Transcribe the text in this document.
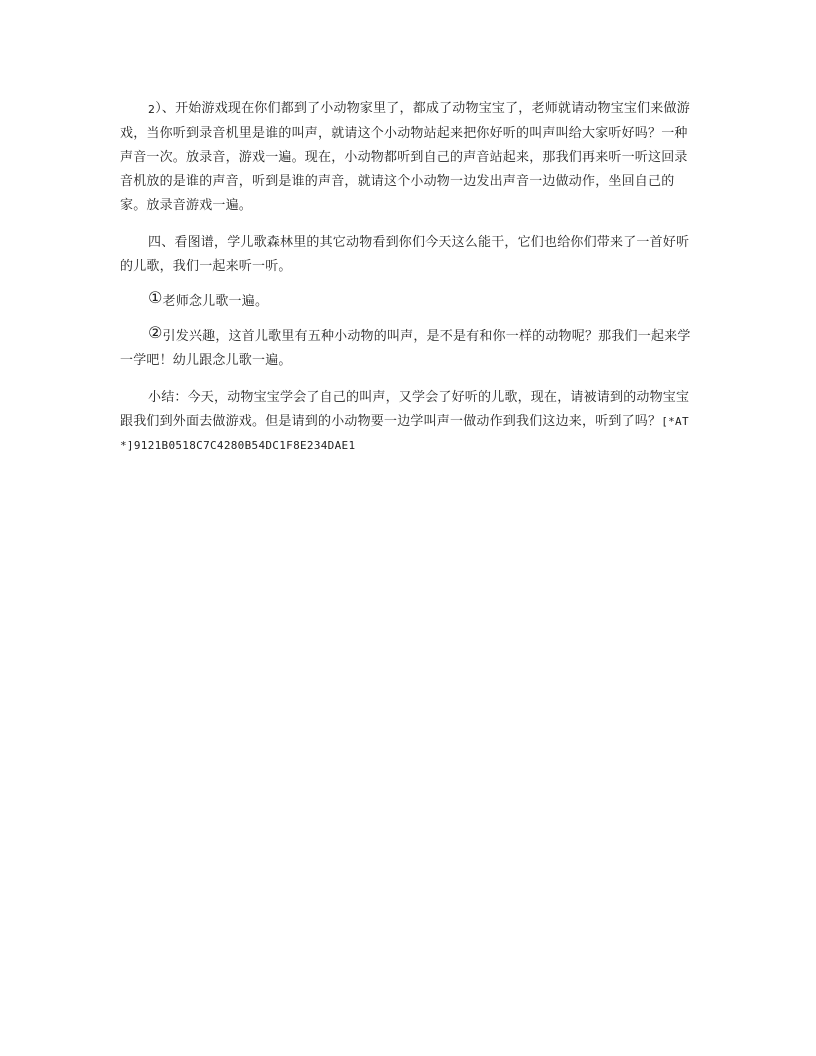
2）、开始游戏现在你们都到了小动物家里了，都成了动物宝宝了，老师就请动物宝宝们来做游戏，当你听到录音机里是谁的叫声，就请这个小动物站起来把你好听的叫声叫给大家听好吗？一种声音一次。放录音，游戏一遍。现在，小动物都听到自己的声音站起来，那我们再来听一听这回录音机放的是谁的声音，听到是谁的声音，就请这个小动物一边发出声音一边做动作，坐回自己的家。放录音游戏一遍。

四、看图谱，学儿歌森林里的其它动物看到你们今天这么能干，它们也给你们带来了一首好听的儿歌，我们一起来听一听。

①老师念儿歌一遍。

②引发兴趣，这首儿歌里有五种小动物的叫声，是不是有和你一样的动物呢？那我们一起来学一学吧！幼儿跟念儿歌一遍。

小结：今天，动物宝宝学会了自己的叫声，又学会了好听的儿歌，现在，请被请到的动物宝宝跟我们到外面去做游戏。但是请到的小动物要一边学叫声一做动作到我们这边来，听到了吗？[*AT*]9121B0518C7C4280B54DC1F8E234DAE1
